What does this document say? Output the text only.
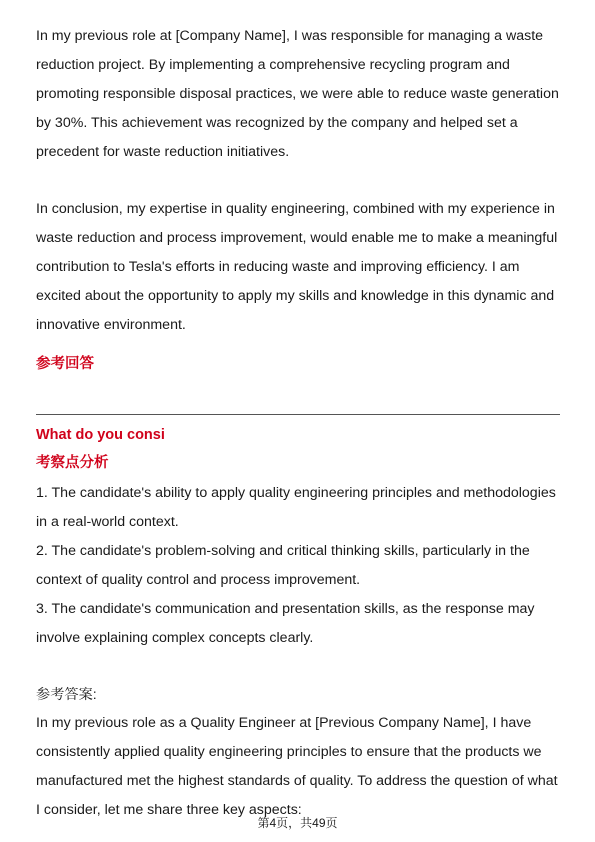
In my previous role at [Company Name], I was responsible for managing a waste reduction project. By implementing a comprehensive recycling program and promoting responsible disposal practices, we were able to reduce waste generation by 30%. This achievement was recognized by the company and helped set a precedent for waste reduction initiatives.

In conclusion, my expertise in quality engineering, combined with my experience in waste reduction and process improvement, would enable me to make a meaningful contribution to Tesla's efforts in reducing waste and improving efficiency. I am excited about the opportunity to apply my skills and knowledge in this dynamic and innovative environment.

参考回答

What do you consi
考察点分析

1. The candidate's ability to apply quality engineering principles and methodologies in a real-world context.

2. The candidate's problem-solving and critical thinking skills, particularly in the context of quality control and process improvement.

3. The candidate's communication and presentation skills, as the response may involve explaining complex concepts clearly.

参考答案:

In my previous role as a Quality Engineer at [Previous Company Name], I have consistently applied quality engineering principles to ensure that the products we manufactured met the highest standards of quality. To address the question of what I consider, let me share three key aspects:

第4页，共49页
